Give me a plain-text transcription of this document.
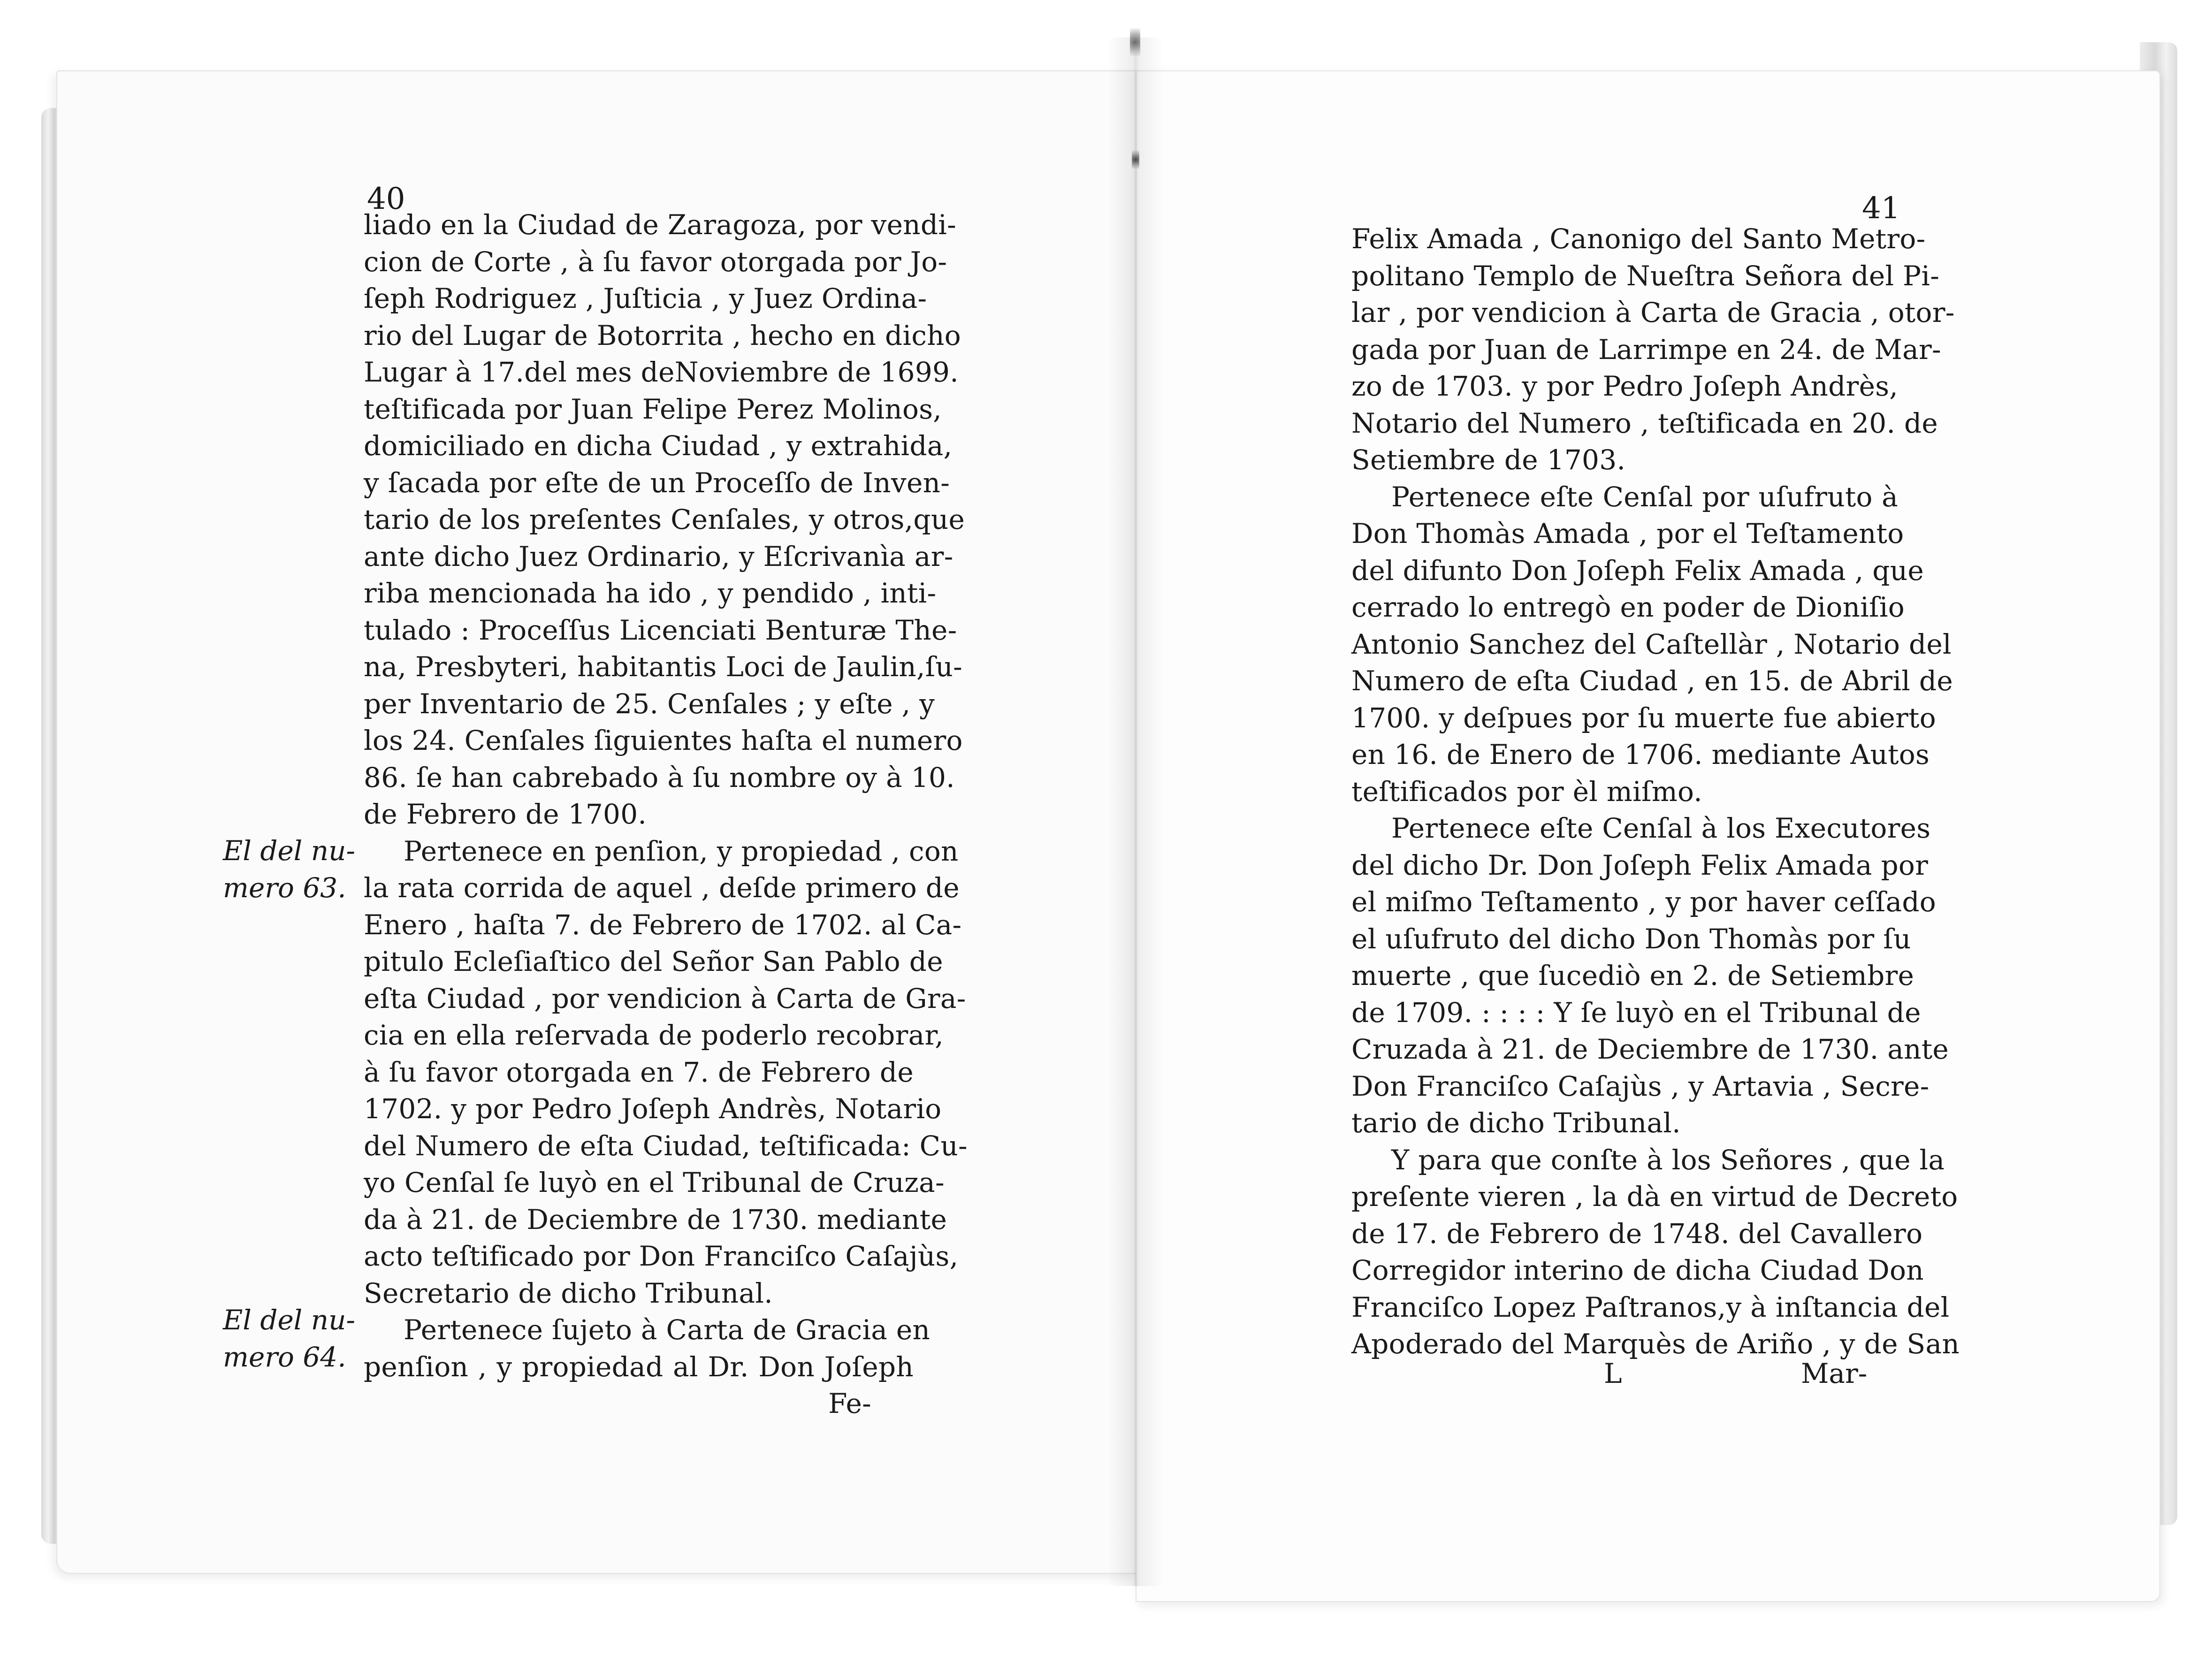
40
liado en la Ciudad de Zaragoza, por vendi-
cion de Corte , à ſu favor otorgada por Jo-
ſeph Rodriguez , Juſticia , y Juez Ordina-
rio del Lugar de Botorrita , hecho en dicho
Lugar à 17.del mes deNoviembre de 1699.
teſtificada por Juan Felipe Perez Molinos,
domiciliado en dicha Ciudad , y extrahida,
y ſacada por eſte de un Proceſſo de Inven-
tario de los preſentes Cenſales, y otros,que
ante dicho Juez Ordinario, y Eſcrivanìa ar-
riba mencionada ha ido , y pendido , inti-
tulado : Proceſſus Licenciati Benturæ The-
na, Presbyteri, habitantis Loci de Jaulin,ſu-
per Inventario de 25. Cenſales ; y eſte , y
los 24. Cenſales ſiguientes haſta el numero
86. ſe han cabrebado à ſu nombre oy à 10.
de Febrero de 1700.
Pertenece en penſion, y propiedad , con
la rata corrida de aquel , deſde primero de
Enero , haſta 7. de Febrero de 1702. al Ca-
pitulo Ecleſiaſtico del Señor San Pablo de
eſta Ciudad , por vendicion à Carta de Gra-
cia en ella reſervada de poderlo recobrar,
à ſu favor otorgada en 7. de Febrero de
1702. y por Pedro Joſeph Andrès, Notario
del Numero de eſta Ciudad, teſtificada: Cu-
yo Cenſal ſe luyò en el Tribunal de Cruza-
da à 21. de Deciembre de 1730. mediante
acto teſtificado por Don Franciſco Caſajùs,
Secretario de dicho Tribunal.
Pertenece ſujeto à Carta de Gracia en
penſion , y propiedad al Dr. Don Joſeph
Fe-
El del nu-
mero 63.
El del nu-
mero 64.
41
Felix Amada , Canonigo del Santo Metro-
politano Templo de Nueſtra Señora del Pi-
lar , por vendicion à Carta de Gracia , otor-
gada por Juan de Larrimpe en 24. de Mar-
zo de 1703. y por Pedro Joſeph Andrès,
Notario del Numero , teſtificada en 20. de
Setiembre de 1703.
Pertenece eſte Cenſal por uſufruto à
Don Thomàs Amada , por el Teſtamento
del difunto Don Joſeph Felix Amada , que
cerrado lo entregò en poder de Dioniſio
Antonio Sanchez del Caſtellàr , Notario del
Numero de eſta Ciudad , en 15. de Abril de
1700. y deſpues por ſu muerte fue abierto
en 16. de Enero de 1706. mediante Autos
teſtificados por èl miſmo.
Pertenece eſte Cenſal à los Executores
del dicho Dr. Don Joſeph Felix Amada por
el miſmo Teſtamento , y por haver ceſſado
el uſufruto del dicho Don Thomàs por ſu
muerte , que ſucediò en 2. de Setiembre
de 1709. : : : : Y ſe luyò en el Tribunal de
Cruzada à 21. de Deciembre de 1730. ante
Don Franciſco Caſajùs , y Artavia , Secre-
tario de dicho Tribunal.
Y para que conſte à los Señores , que la
preſente vieren , la dà en virtud de Decreto
de 17. de Febrero de 1748. del Cavallero
Corregidor interino de dicha Ciudad Don
Franciſco Lopez Paſtranos,y à inſtancia del
Apoderado del Marquès de Ariño , y de San
L	Mar-
